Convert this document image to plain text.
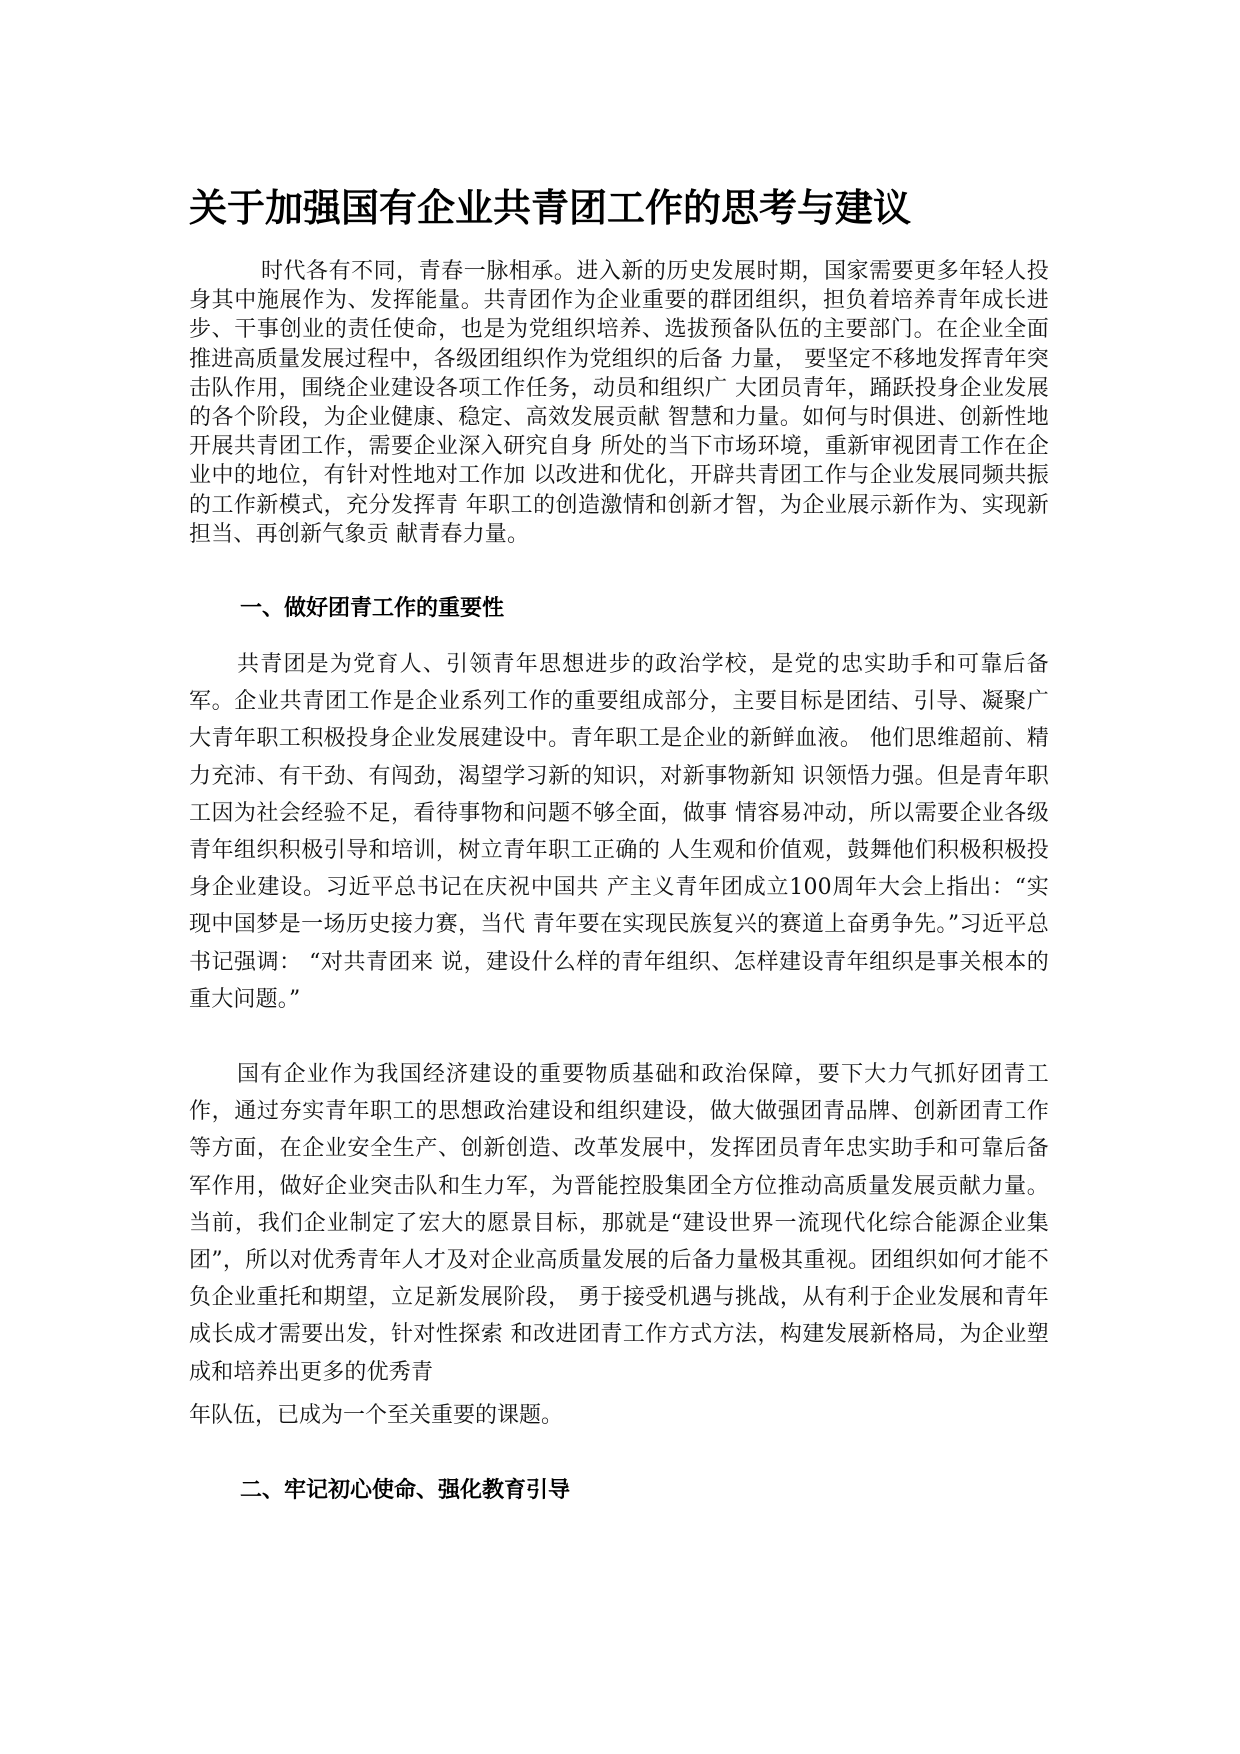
关于加强国有企业共青团工作的思考与建议

时代各有不同，青春一脉相承。进入新的历史发展时期，国家需要更多年轻人投身其中施展作为、发挥能量。共青团作为企业重要的群团组织，担负着培养青年成长进步、干事创业的责任使命，也是为党组织培养、选拔预备队伍的主要部门。在企业全面推进高质量发展过程中，各级团组织作为党组织的后备 力量， 要坚定不移地发挥青年突击队作用，围绕企业建设各项工作任务，动员和组织广 大团员青年，踊跃投身企业发展的各个阶段，为企业健康、稳定、高效发展贡献 智慧和力量。如何与时俱进、创新性地开展共青团工作，需要企业深入研究自身 所处的当下市场环境，重新审视团青工作在企业中的地位，有针对性地对工作加 以改进和优化，开辟共青团工作与企业发展同频共振的工作新模式，充分发挥青 年职工的创造激情和创新才智，为企业展示新作为、实现新担当、再创新气象贡 献青春力量。

一、做好团青工作的重要性

共青团是为党育人、引领青年思想进步的政治学校，是党的忠实助手和可靠后备军。企业共青团工作是企业系列工作的重要组成部分，主要目标是团结、引导、凝聚广大青年职工积极投身企业发展建设中。青年职工是企业的新鲜血液。 他们思维超前、精力充沛、有干劲、有闯劲，渴望学习新的知识，对新事物新知 识领悟力强。但是青年职工因为社会经验不足，看待事物和问题不够全面，做事 情容易冲动，所以需要企业各级青年组织积极引导和培训，树立青年职工正确的 人生观和价值观，鼓舞他们积极积极投身企业建设。习近平总书记在庆祝中国共 产主义青年团成立100周年大会上指出：“实现中国梦是一场历史接力赛，当代 青年要在实现民族复兴的赛道上奋勇争先。”习近平总书记强调： “对共青团来 说，建设什么样的青年组织、怎样建设青年组织是事关根本的重大问题。”

国有企业作为我国经济建设的重要物质基础和政治保障，要下大力气抓好团青工作，通过夯实青年职工的思想政治建设和组织建设，做大做强团青品牌、创新团青工作等方面，在企业安全生产、创新创造、改革发展中，发挥团员青年忠实助手和可靠后备军作用，做好企业突击队和生力军，为晋能控股集团全方位推动高质量发展贡献力量。当前，我们企业制定了宏大的愿景目标，那就是“建设世界一流现代化综合能源企业集团”，所以对优秀青年人才及对企业高质量发展的后备力量极其重视。团组织如何才能不负企业重托和期望，立足新发展阶段， 勇于接受机遇与挑战，从有利于企业发展和青年成长成才需要出发，针对性探索 和改进团青工作方式方法，构建发展新格局，为企业塑成和培养出更多的优秀青

年队伍，已成为一个至关重要的课题。

二、牢记初心使命、强化教育引导
